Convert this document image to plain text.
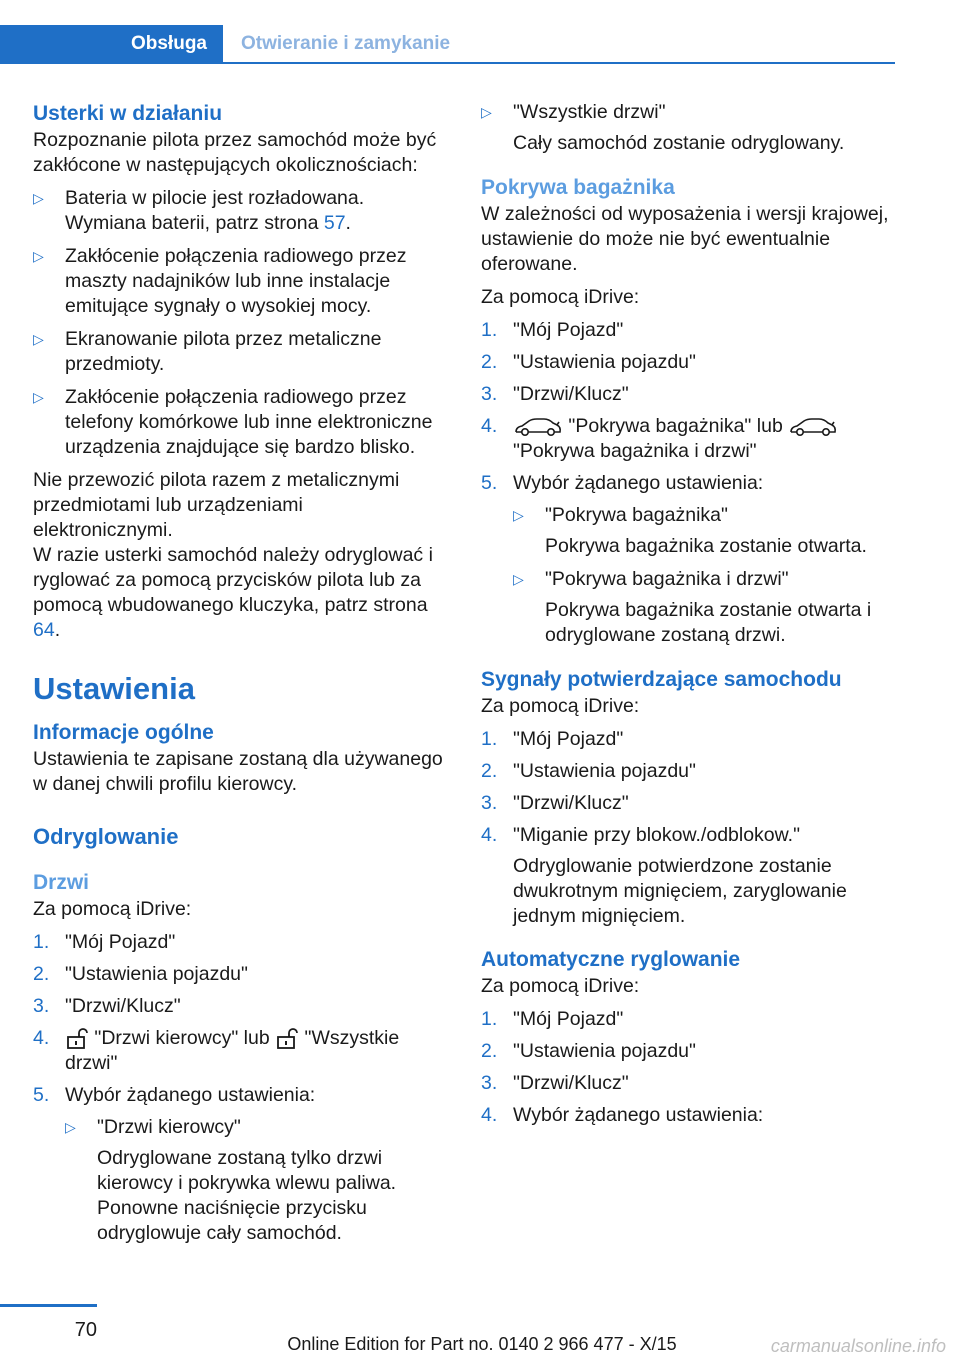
Obsługa	Otwieranie i zamykanie
Usterki w działaniu

Rozpoznanie pilota przez samochód może być zakłócone w następujących okolicznościach:

▷	Bateria w pilocie jest rozładowana. Wymiana baterii, patrz strona 57.
▷	Zakłócenie połączenia radiowego przez maszty nadajników lub inne instalacje emitujące sygnały o wysokiej mocy.
▷	Ekranowanie pilota przez metaliczne przedmioty.
▷	Zakłócenie połączenia radiowego przez telefony komórkowe lub inne elektroniczne urządzenia znajdujące się bardzo blisko.

Nie przewozić pilota razem z metalicznymi przedmiotami lub urządzeniami elektronicznymi.

W razie usterki samochód należy odryglować i ryglować za pomocą przycisków pilota lub za pomocą wbudowanego kluczyka, patrz strona 64.

Ustawienia
Informacje ogólne

Ustawienia te zapisane zostaną dla używanego w danej chwili profilu kierowcy.

Odryglowanie
Drzwi

Za pomocą iDrive:

1. "Mój Pojazd"
2. "Ustawienia pojazdu"
3. "Drzwi/Klucz"
4.	"Drzwi kierowcy" lub  "Wszystkie drzwi"
5. Wybór żądanego ustawienia:
▷	"Drzwi kierowcy"
Odryglowane zostaną tylko drzwi kierowcy i pokrywka wlewu paliwa. Ponowne naciśnięcie przycisku odryglowuje cały samochód.
▷	"Wszystkie drzwi"
Cały samochód zostanie odryglowany.
Pokrywa bagażnika

W zależności od wyposażenia i wersji krajowej, ustawienie do może nie być ewentualnie oferowane.

Za pomocą iDrive:

1. "Mój Pojazd"
2. "Ustawienia pojazdu"
3. "Drzwi/Klucz"
4.	"Pokrywa bagażnika" lub
"Pokrywa bagażnika i drzwi"
5. Wybór żądanego ustawienia:
▷	"Pokrywa bagażnika"
Pokrywa bagażnika zostanie otwarta.
▷	"Pokrywa bagażnika i drzwi"
Pokrywa bagażnika zostanie otwarta i odryglowane zostaną drzwi.
Sygnały potwierdzające samochodu

Za pomocą iDrive:

1. "Mój Pojazd"
2. "Ustawienia pojazdu"
3. "Drzwi/Klucz"
4. "Miganie przy blokow./odblokow."
Odryglowanie potwierdzone zostanie dwukrotnym mignięciem, zaryglowanie jednym mignięciem.
Automatyczne ryglowanie

Za pomocą iDrive:

1. "Mój Pojazd"
2. "Ustawienia pojazdu"
3. "Drzwi/Klucz"
4. Wybór żądanego ustawienia:
70
Online Edition for Part no. 0140 2 966 477 - X/15	carmanualsonline.info
